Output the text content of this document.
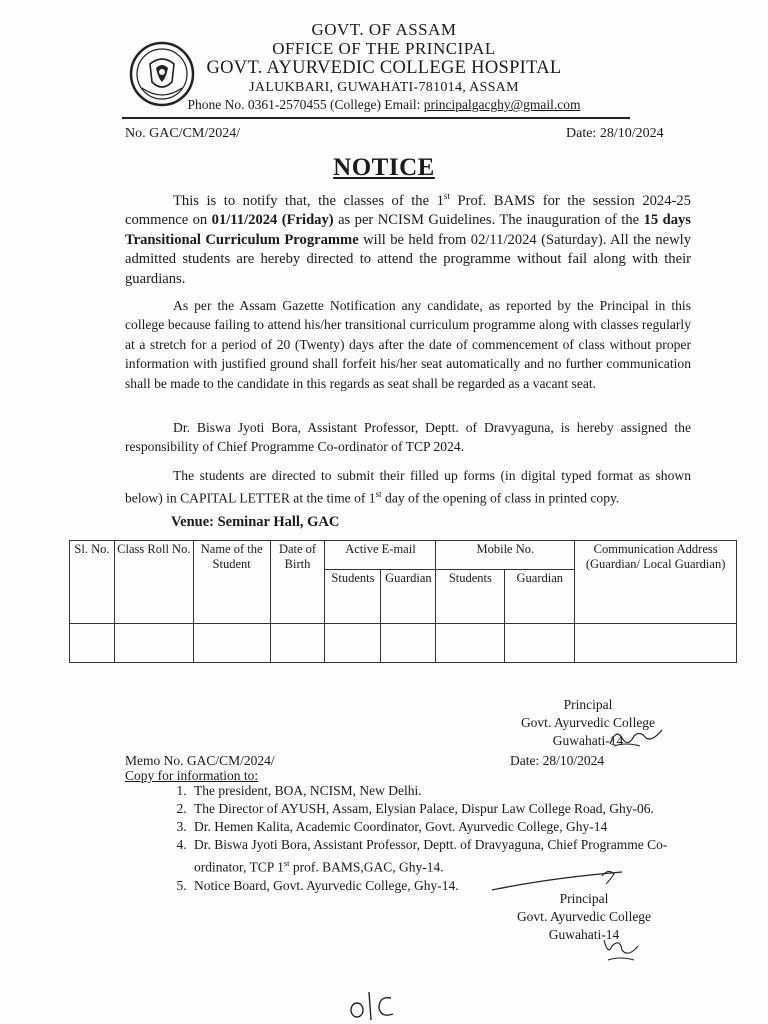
GOVT. OF ASSAM
OFFICE OF THE PRINCIPAL
GOVT. AYURVEDIC COLLEGE HOSPITAL
JALUKBARI, GUWAHATI-781014, ASSAM
Phone No. 0361-2570455 (College) Email: principalgacghy@gmail.com
No. GAC/CM/2024/	Date: 28/10/2024
NOTICE
This is to notify that, the classes of the 1st Prof. BAMS for the session 2024-25 commence on 01/11/2024 (Friday) as per NCISM Guidelines. The inauguration of the 15 days Transitional Curriculum Programme will be held from 02/11/2024 (Saturday). All the newly admitted students are hereby directed to attend the programme without fail along with their guardians.
As per the Assam Gazette Notification any candidate, as reported by the Principal in this college because failing to attend his/her transitional curriculum programme along with classes regularly at a stretch for a period of 20 (Twenty) days after the date of commencement of class without proper information with justified ground shall forfeit his/her seat automatically and no further communication shall be made to the candidate in this regards as seat shall be regarded as a vacant seat.
Dr. Biswa Jyoti Bora, Assistant Professor, Deptt. of Dravyaguna, is hereby assigned the responsibility of Chief Programme Co-ordinator of TCP 2024.
The students are directed to submit their filled up forms (in digital typed format as shown below) in CAPITAL LETTER at the time of 1st day of the opening of class in printed copy.
Venue: Seminar Hall, GAC
Sl. No.	Class Roll No.	Name of the Student	Date of Birth	Active E-mail		Mobile No.		Communication Address (Guardian/ Local Guardian)
				Students	Guardian	Students	Guardian	

Principal
Govt. Ayurvedic College
Guwahati-14
Memo No. GAC/CM/2024/	Date: 28/10/2024
Copy for information to:
1. The president, BOA, NCISM, New Delhi.
2. The Director of AYUSH, Assam, Elysian Palace, Dispur Law College Road, Ghy-06.
3. Dr. Hemen Kalita, Academic Coordinator, Govt. Ayurvedic College, Ghy-14
4. Dr. Biswa Jyoti Bora, Assistant Professor, Deptt. of Dravyaguna, Chief Programme Co-ordinator, TCP 1st prof. BAMS,GAC, Ghy-14.
5. Notice Board, Govt. Ayurvedic College, Ghy-14.
Principal
Govt. Ayurvedic College
Guwahati-14
